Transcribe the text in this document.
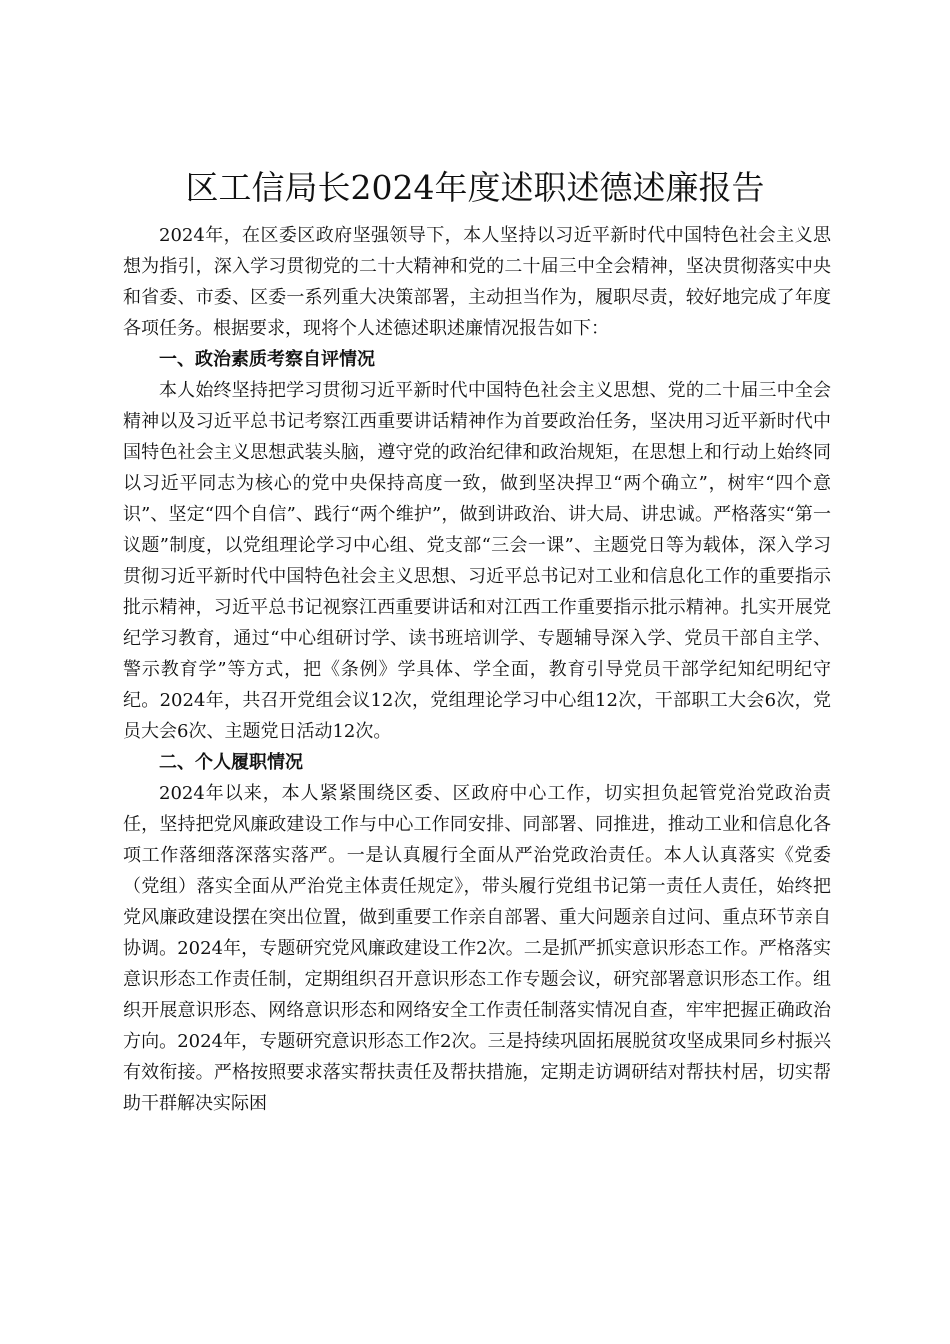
区工信局长2024年度述职述德述廉报告

2024年，在区委区政府坚强领导下，本人坚持以习近平新时代中国特色社会主义思想为指引，深入学习贯彻党的二十大精神和党的二十届三中全会精神，坚决贯彻落实中央和省委、市委、区委一系列重大决策部署，主动担当作为，履职尽责，较好地完成了年度各项任务。根据要求，现将个人述德述职述廉情况报告如下：

一、政治素质考察自评情况

本人始终坚持把学习贯彻习近平新时代中国特色社会主义思想、党的二十届三中全会精神以及习近平总书记考察江西重要讲话精神作为首要政治任务，坚决用习近平新时代中国特色社会主义思想武装头脑，遵守党的政治纪律和政治规矩，在思想上和行动上始终同以习近平同志为核心的党中央保持高度一致，做到坚决捍卫“两个确立”，树牢“四个意识”、坚定“四个自信”、践行“两个维护”，做到讲政治、讲大局、讲忠诚。严格落实“第一议题”制度，以党组理论学习中心组、党支部“三会一课”、主题党日等为载体，深入学习贯彻习近平新时代中国特色社会主义思想、习近平总书记对工业和信息化工作的重要指示批示精神，习近平总书记视察江西重要讲话和对江西工作重要指示批示精神。扎实开展党纪学习教育，通过“中心组研讨学、读书班培训学、专题辅导深入学、党员干部自主学、警示教育学”等方式，把《条例》学具体、学全面，教育引导党员干部学纪知纪明纪守纪。2024年，共召开党组会议12次，党组理论学习中心组12次，干部职工大会6次，党员大会6次、主题党日活动12次。

二、个人履职情况

2024年以来，本人紧紧围绕区委、区政府中心工作，切实担负起管党治党政治责任，坚持把党风廉政建设工作与中心工作同安排、同部署、同推进，推动工业和信息化各项工作落细落深落实落严。一是认真履行全面从严治党政治责任。本人认真落实《党委（党组）落实全面从严治党主体责任规定》，带头履行党组书记第一责任人责任，始终把党风廉政建设摆在突出位置，做到重要工作亲自部署、重大问题亲自过问、重点环节亲自协调。2024年，专题研究党风廉政建设工作2次。二是抓严抓实意识形态工作。严格落实意识形态工作责任制，定期组织召开意识形态工作专题会议，研究部署意识形态工作。组织开展意识形态、网络意识形态和网络安全工作责任制落实情况自查，牢牢把握正确政治方向。2024年，专题研究意识形态工作2次。三是持续巩固拓展脱贫攻坚成果同乡村振兴有效衔接。严格按照要求落实帮扶责任及帮扶措施，定期走访调研结对帮扶村居，切实帮助干群解决实际困
